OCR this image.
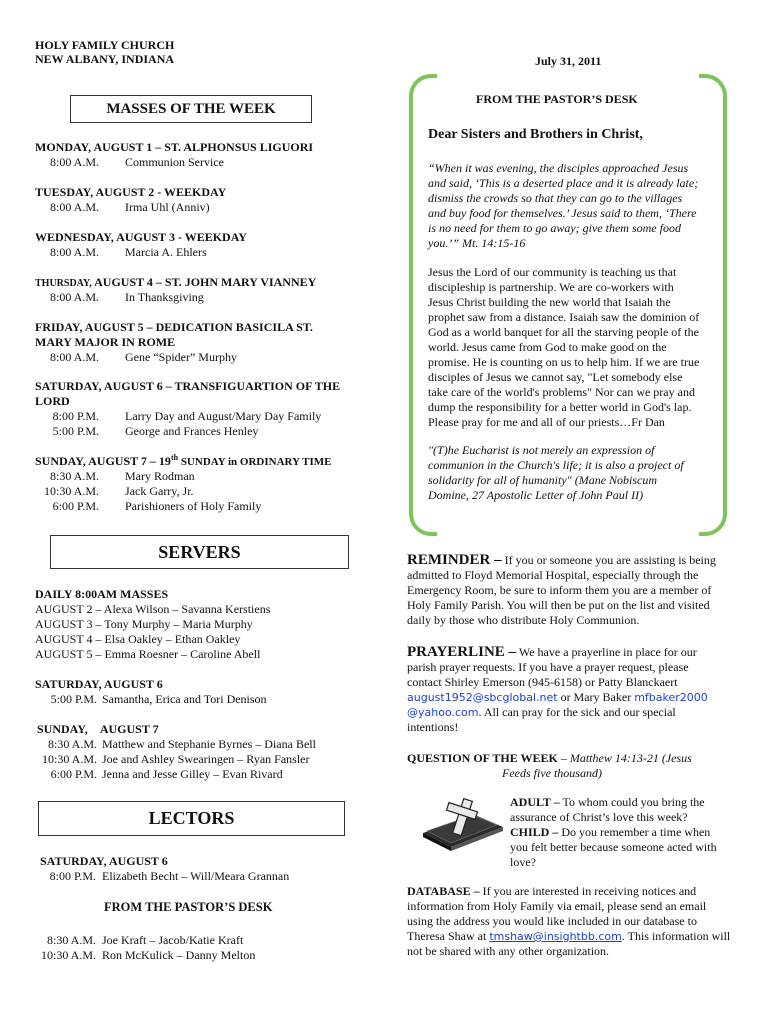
HOLY FAMILY CHURCH
NEW ALBANY, INDIANA	July 31, 2011
MASSES OF THE WEEK
MONDAY, AUGUST 1 – ST. ALPHONSUS LIGUORI
8:00 A.M. Communion Service
TUESDAY, AUGUST 2 - WEEKDAY
8:00 A.M. Irma Uhl (Anniv)
WEDNESDAY, AUGUST 3 - WEEKDAY
8:00 A.M. Marcia A. Ehlers
THURSDAY, AUGUST 4 – ST. JOHN MARY VIANNEY
8:00 A.M. In Thanksgiving
FRIDAY, AUGUST 5 – DEDICATION BASICILA ST.
MARY MAJOR IN ROME
8:00 A.M. Gene “Spider” Murphy
SATURDAY, AUGUST 6 – TRANSFIGUARTION OF THE
LORD
8:00 P.M. Larry Day and August/Mary Day Family
5:00 P.M. George and Frances Henley
SUNDAY, AUGUST 7 – 19th SUNDAY in ORDINARY TIME
8:30 A.M. Mary Rodman
10:30 A.M. Jack Garry, Jr.
6:00 P.M. Parishioners of Holy Family
SERVERS
DAILY 8:00AM MASSES
AUGUST 2 – Alexa Wilson – Savanna Kerstiens
AUGUST 3 – Tony Murphy – Maria Murphy
AUGUST 4 – Elsa Oakley – Ethan Oakley
AUGUST 5 – Emma Roesner – Caroline Abell
SATURDAY, AUGUST 6
5:00 P.M. Samantha, Erica and Tori Denison
SUNDAY, AUGUST 7
8:30 A.M. Matthew and Stephanie Byrnes – Diana Bell
10:30 A.M. Joe and Ashley Swearingen – Ryan Fansler
6:00 P.M. Jenna and Jesse Gilley – Evan Rivard
LECTORS
SATURDAY, AUGUST 6
8:00 P.M. Elizabeth Becht – Will/Meara Grannan
FROM THE PASTOR’S DESK
8:30 A.M. Joe Kraft – Jacob/Katie Kraft
10:30 A.M. Ron McKulick – Danny Melton
FROM THE PASTOR’S DESK
Dear Sisters and Brothers in Christ,
“When it was evening, the disciples approached Jesus
and said, ‘This is a deserted place and it is already late;
dismiss the crowds so that they can go to the villages
and buy food for themselves.’ Jesus said to them, ‘There
is no need for them to go away; give them some food
you.’” Mt. 14:15-16
Jesus the Lord of our community is teaching us that
discipleship is partnership. We are co-workers with
Jesus Christ building the new world that Isaiah the
prophet saw from a distance. Isaiah saw the dominion of
God as a world banquet for all the starving people of the
world. Jesus came from God to make good on the
promise. He is counting on us to help him. If we are true
disciples of Jesus we cannot say, "Let somebody else
take care of the world's problems" Nor can we pray and
dump the responsibility for a better world in God's lap.
Please pray for me and all of our priests…Fr Dan
"(T)he Eucharist is not merely an expression of
communion in the Church's life; it is also a project of
solidarity for all of humanity" (Mane Nobiscum
Domine, 27 Apostolic Letter of John Paul II)
REMINDER – If you or someone you are assisting is being
admitted to Floyd Memorial Hospital, especially through the
Emergency Room, be sure to inform them you are a member of
Holy Family Parish. You will then be put on the list and visited
daily by those who distribute Holy Communion.
PRAYERLINE – We have a prayerline in place for our
parish prayer requests. If you have a prayer request, please
contact Shirley Emerson (945-6158) or Patty Blanckaert
august1952@sbcglobal.net or Mary Baker mfbaker2000
@yahoo.com. All can pray for the sick and our special
intentions!
QUESTION OF THE WEEK – Matthew 14:13-21 (Jesus
Feeds five thousand)
ADULT – To whom could you bring the
assurance of Christ’s love this week?
CHILD – Do you remember a time when
you felt better because someone acted with
love?
DATABASE – If you are interested in receiving notices and
information from Holy Family via email, please send an email
using the address you would like included in our database to
Theresa Shaw at tmshaw@insightbb.com. This information will
not be shared with any other organization.
